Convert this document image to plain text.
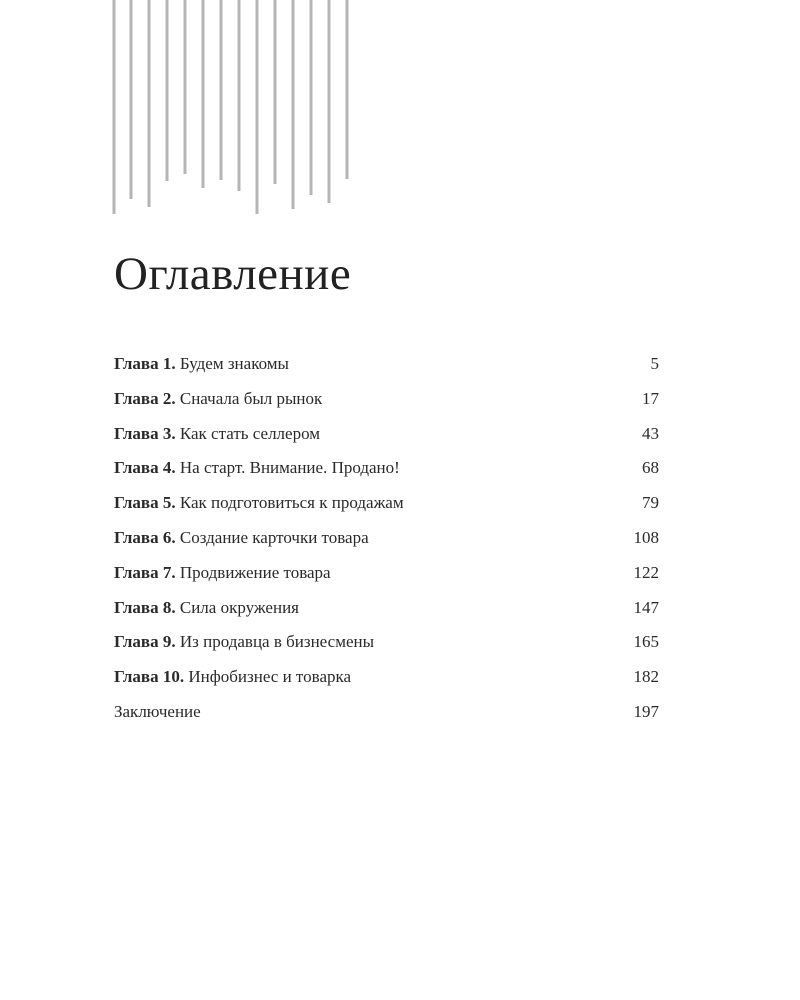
Оглавление
Глава 1. Будем знакомы	5
Глава 2. Сначала был рынок	17
Глава 3. Как стать селлером	43
Глава 4. На старт. Внимание. Продано!	68
Глава 5. Как подготовиться к продажам	79
Глава 6. Создание карточки товара	108
Глава 7. Продвижение товара	122
Глава 8. Сила окружения	147
Глава 9. Из продавца в бизнесмены	165
Глава 10. Инфобизнес и товарка	182
Заключение	197
